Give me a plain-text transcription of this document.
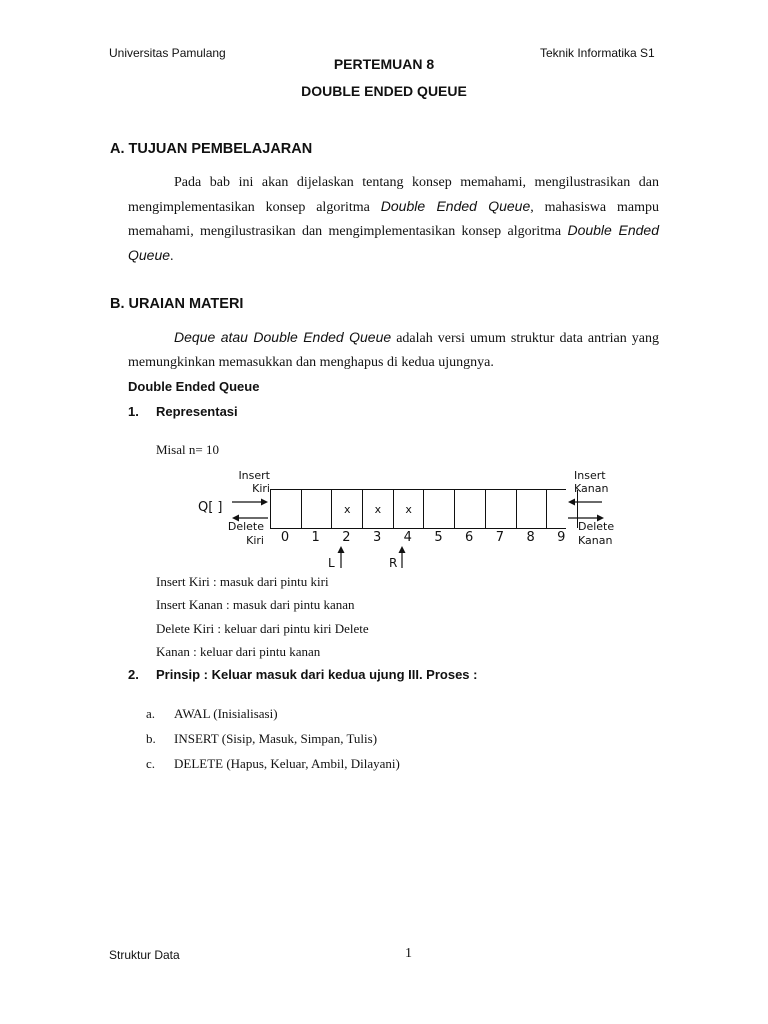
Universitas Pamulang	Teknik Informatika S1
PERTEMUAN 8
DOUBLE ENDED QUEUE
A. TUJUAN PEMBELAJARAN
Pada bab ini akan dijelaskan tentang konsep memahami, mengilustrasikan dan mengimplementasikan konsep algoritma Double Ended Queue, mahasiswa mampu memahami, mengilustrasikan dan mengimplementasikan konsep algoritma Double Ended Queue.
B. URAIAN MATERI
Deque atau Double Ended Queue adalah versi umum struktur data antrian yang memungkinkan memasukkan dan menghapus di kedua ujungnya.
Double Ended Queue
1. Representasi
Misal n= 10
Insert
Kiri
Q[ ]
Delete
Kiri
x	x	x
0	1	2	3	4	5	6	7	8	9
L	R
Insert
Kanan
Delete
Kanan
Insert Kiri : masuk dari pintu kiri
Insert Kanan : masuk dari pintu kanan
Delete Kiri : keluar dari pintu kiri Delete
Kanan : keluar dari pintu kanan
2. Prinsip : Keluar masuk dari kedua ujung III. Proses :
a. AWAL (Inisialisasi)
b. INSERT (Sisip, Masuk, Simpan, Tulis)
c. DELETE (Hapus, Keluar, Ambil, Dilayani)
Struktur Data	1
